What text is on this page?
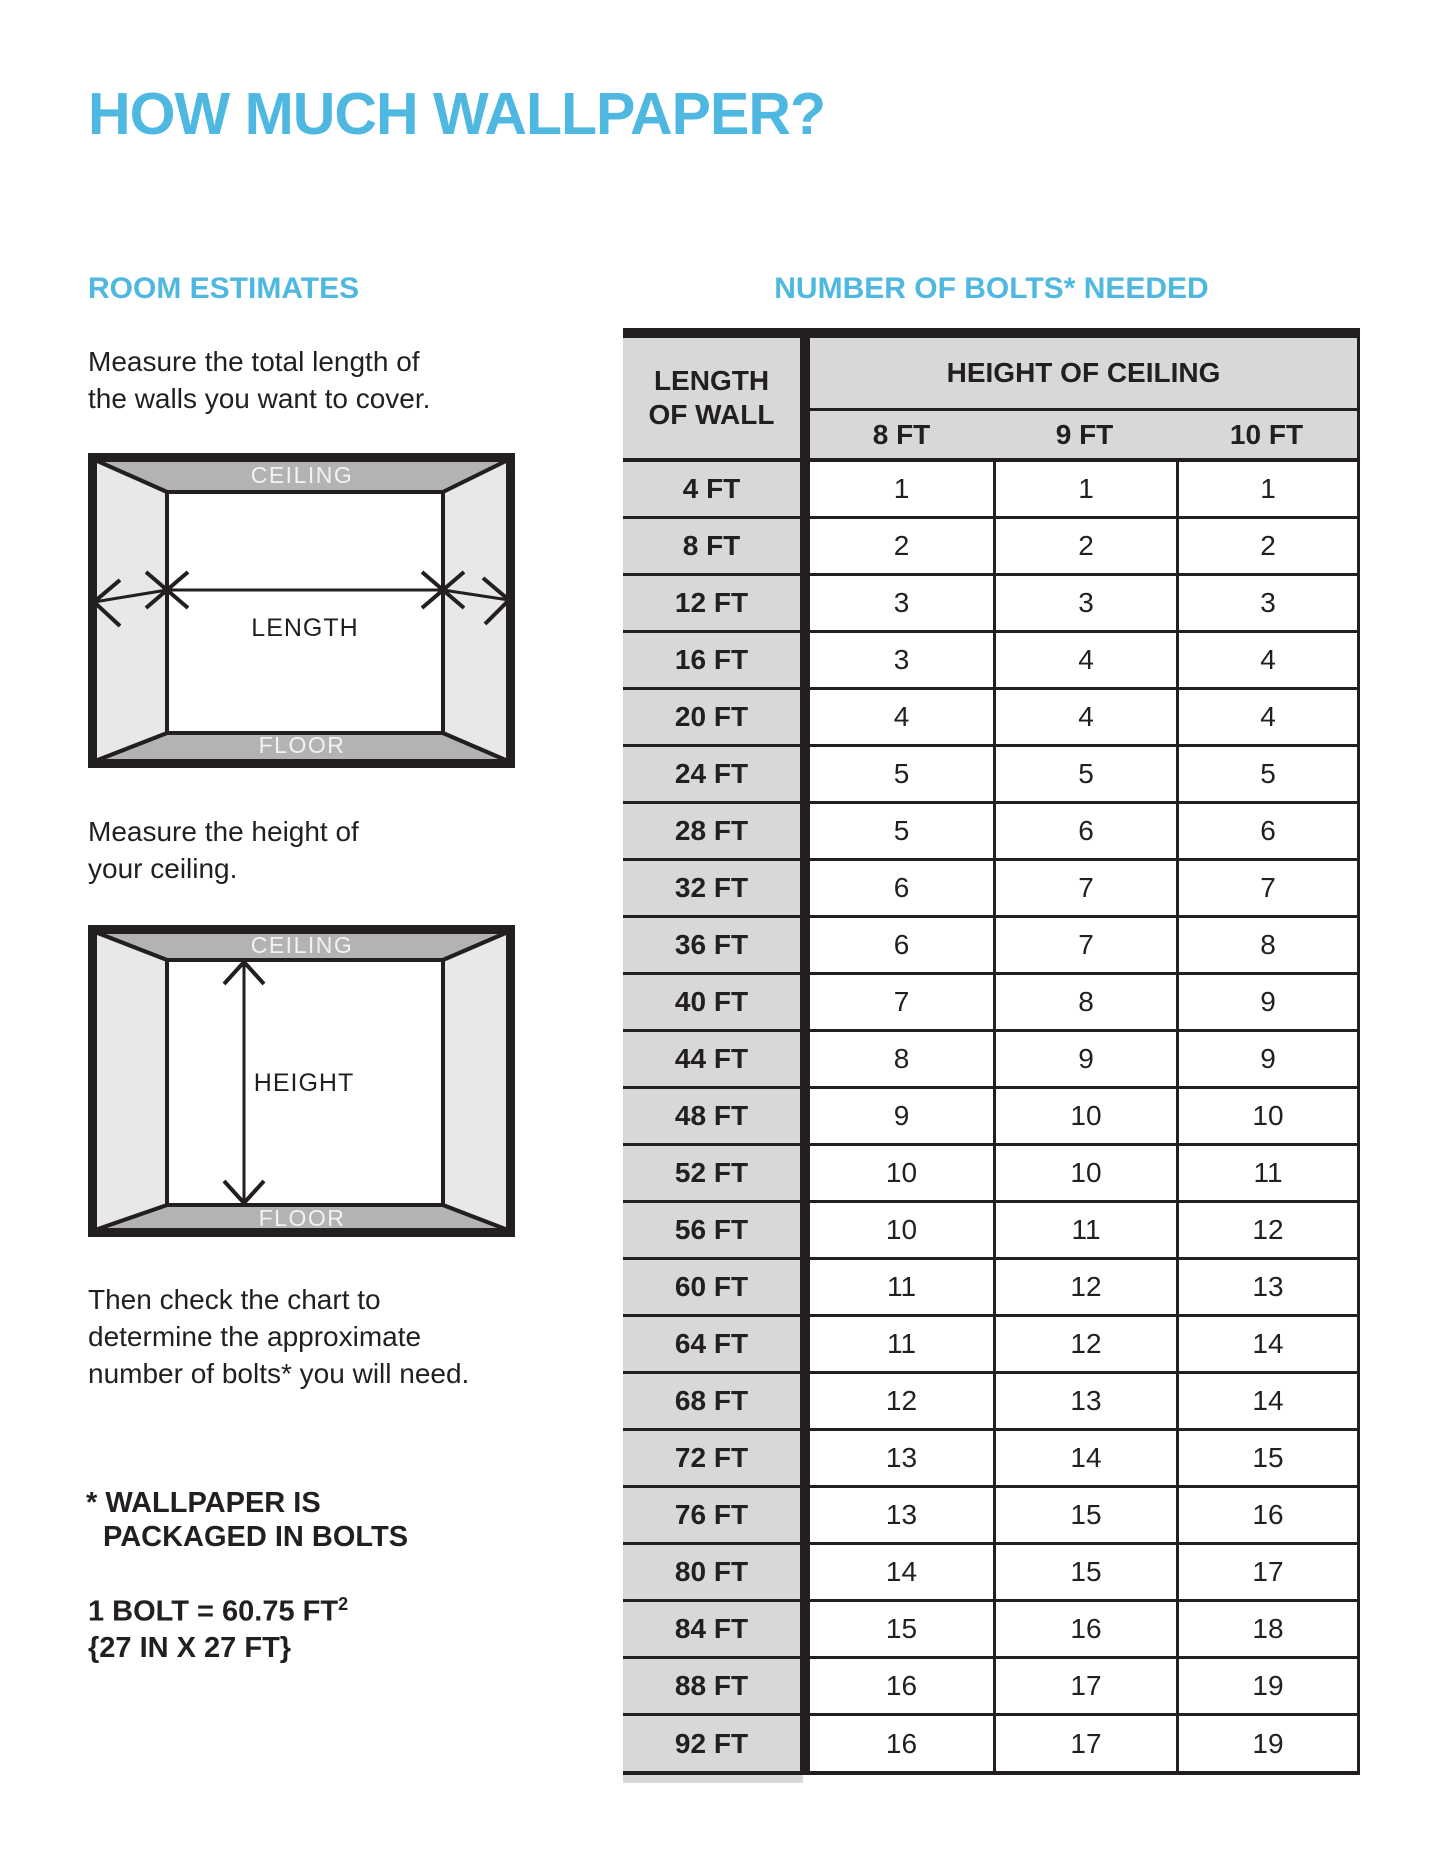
HOW MUCH WALLPAPER?
ROOM ESTIMATES	NUMBER OF BOLTS* NEEDED
Measure the total length of
the walls you want to cover.
CEILING
LENGTH
FLOOR
Measure the height of
your ceiling.
CEILING
HEIGHT
FLOOR
Then check the chart to
determine the approximate
number of bolts* you will need.
* WALLPAPER IS
PACKAGED IN BOLTS
1 BOLT = 60.75 $FT^2$
{27 IN X 27 FT}
LENGTH
OF WALL
HEIGHT OF CEILING
8 FT	9 FT	10 FT
4 FT	1	1	1
8 FT	2	2	2
12 FT	3	3	3
16 FT	3	4	4
20 FT	4	4	4
24 FT	5	5	5
28 FT	5	6	6
32 FT	6	7	7
36 FT	6	7	8
40 FT	7	8	9
44 FT	8	9	9
48 FT	9	10	10
52 FT	10	10	11
56 FT	10	11	12
60 FT	11	12	13
64 FT	11	12	14
68 FT	12	13	14
72 FT	13	14	15
76 FT	13	15	16
80 FT	14	15	17
84 FT	15	16	18
88 FT	16	17	19
92 FT	16	17	19
